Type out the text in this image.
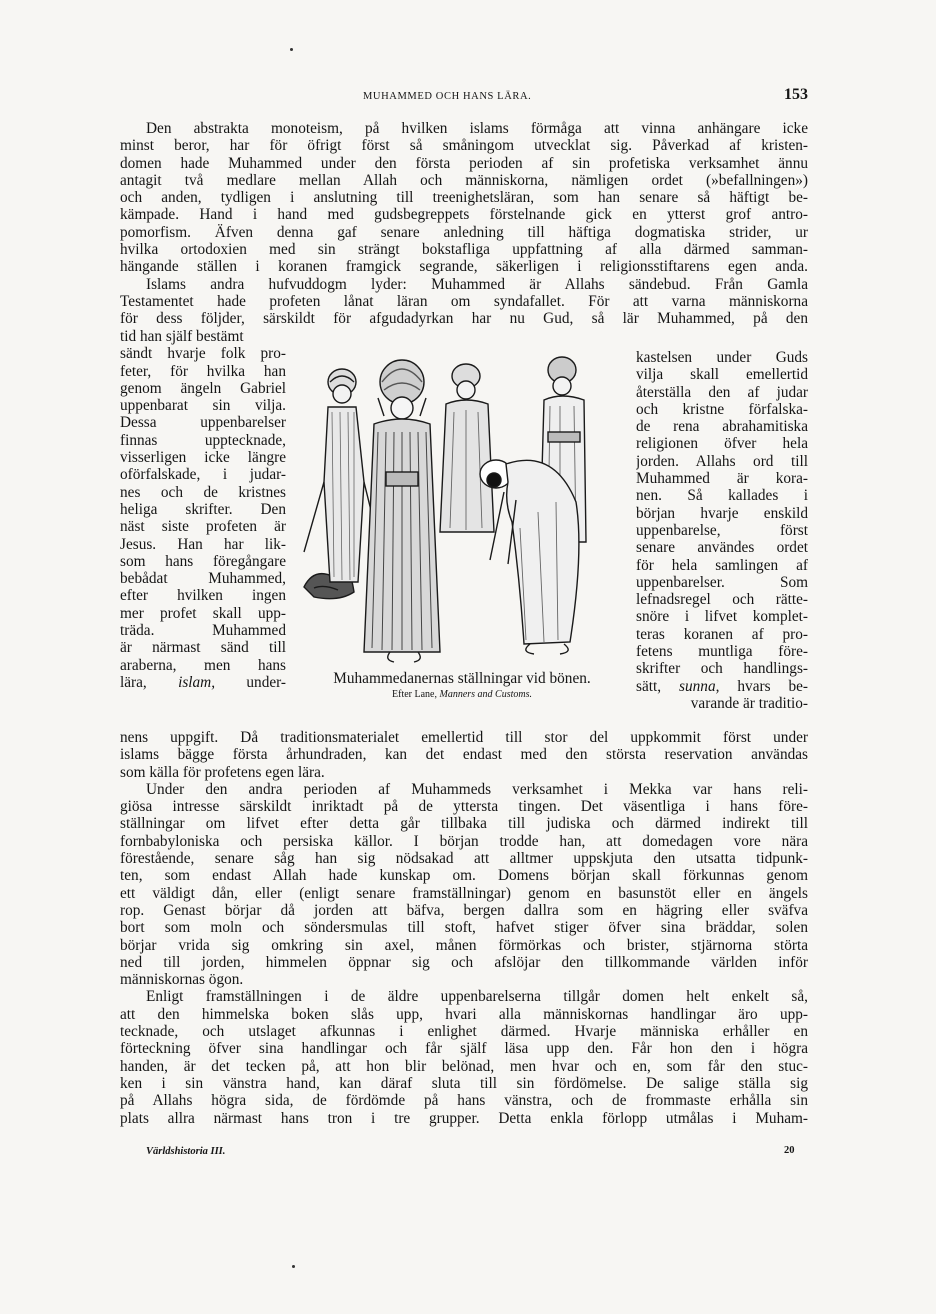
MUHAMMED OCH HANS LÄRA.	153
Den abstrakta monoteism, på hvilken islams förmåga att vinna anhängare icke
minst beror, har för öfrigt först så småningom utvecklat sig. Påverkad af kristen-
domen hade Muhammed under den första perioden af sin profetiska verksamhet ännu
antagit två medlare mellan Allah och människorna, nämligen ordet (»befallningen»)
och anden, tydligen i anslutning till treenighetsläran, som han senare så häftigt be-
kämpade. Hand i hand med gudsbegreppets förstelnande gick en ytterst grof antro-
pomorfism. Äfven denna gaf senare anledning till häftiga dogmatiska strider, ur
hvilka ortodoxien med sin strängt bokstafliga uppfattning af alla därmed samman-
hängande ställen i koranen framgick segrande, säkerligen i religionsstiftarens egen anda.
Islams andra hufvuddogm lyder: Muhammed är Allahs sändebud. Från Gamla
Testamentet hade profeten lånat läran om syndafallet. För att varna människorna
för dess följder, särskildt för afgudadyrkan har nu Gud, så lär Muhammed, på den
tid han själf bestämt
sändt hvarje folk pro-
feter, för hvilka han
genom ängeln Gabriel
uppenbarat sin vilja.
Dessa uppenbarelser
finnas upptecknade,
visserligen icke längre
oförfalskade, i judar-
nes och de kristnes
heliga skrifter. Den
näst siste profeten är
Jesus. Han har lik-
som hans föregångare
bebådat Muhammed,
efter hvilken ingen
mer profet skall upp-
träda. Muhammed
är närmast sänd till
araberna, men hans
lära, islam, under-	Muhammedanernas ställningar vid bönen.
Efter Lane, Manners and Customs.
kastelsen under Guds
vilja skall emellertid
återställa den af judar
och kristne förfalska-
de rena abrahamitiska
religionen öfver hela
jorden. Allahs ord till
Muhammed är kora-
nen. Så kallades i
början hvarje enskild
uppenbarelse, först
senare användes ordet
för hela samlingen af
uppenbarelser. Som
lefnadsregel och rätte-
snöre i lifvet komplet-
teras koranen af pro-
fetens muntliga före-
skrifter och handlings-
sätt, sunna, hvars be-
varande är traditio-
nens uppgift. Då traditionsmaterialet emellertid till stor del uppkommit först under
islams bägge första århundraden, kan det endast med den största reservation användas
som källa för profetens egen lära.
Under den andra perioden af Muhammeds verksamhet i Mekka var hans reli-
giösa intresse särskildt inriktadt på de yttersta tingen. Det väsentliga i hans före-
ställningar om lifvet efter detta går tillbaka till judiska och därmed indirekt till
fornbabyloniska och persiska källor. I början trodde han, att domedagen vore nära
förestående, senare såg han sig nödsakad att alltmer uppskjuta den utsatta tidpunk-
ten, som endast Allah hade kunskap om. Domens början skall förkunnas genom
ett väldigt dån, eller (enligt senare framställningar) genom en basunstöt eller en ängels
rop. Genast börjar då jorden att bäfva, bergen dallra som en hägring eller sväfva
bort som moln och söndersmulas till stoft, hafvet stiger öfver sina bräddar, solen
börjar vrida sig omkring sin axel, månen förmörkas och brister, stjärnorna störta
ned till jorden, himmelen öppnar sig och afslöjar den tillkommande världen inför
människornas ögon.
Enligt framställningen i de äldre uppenbarelserna tillgår domen helt enkelt så,
att den himmelska boken slås upp, hvari alla människornas handlingar äro upp-
tecknade, och utslaget afkunnas i enlighet därmed. Hvarje människa erhåller en
förteckning öfver sina handlingar och får själf läsa upp den. Får hon den i högra
handen, är det tecken på, att hon blir belönad, men hvar och en, som får den stuc-
ken i sin vänstra hand, kan däraf sluta till sin fördömelse. De salige ställa sig
på Allahs högra sida, de fördömde på hans vänstra, och de frommaste erhålla sin
plats allra närmast hans tron i tre grupper. Detta enkla förlopp utmålas i Muham-
Världshistoria III.	20
